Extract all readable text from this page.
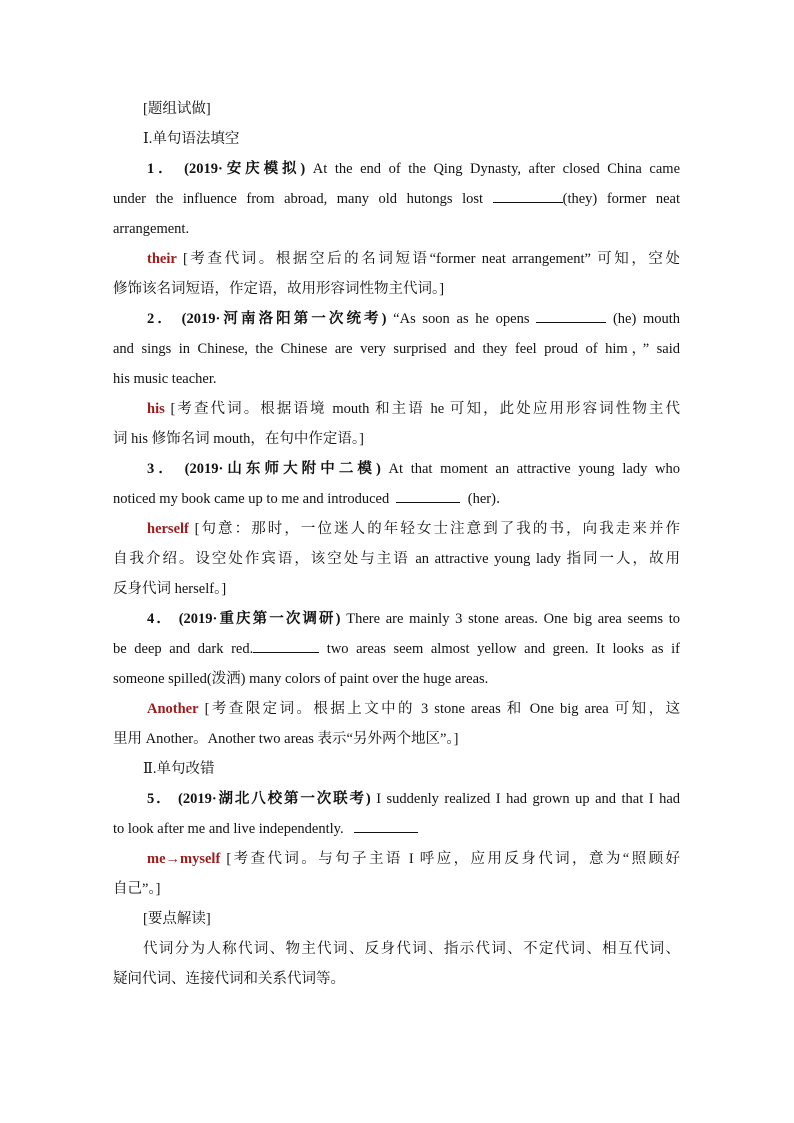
[题组试做]
Ⅰ.单句语法填空
1． (2019·安庆模拟) At the end of the Qing Dynasty, after closed China came
under the influence from abroad, many old hutongs lost	(they) former neat
arrangement.
their [考查代词。根据空后的名词短语“former neat arrangement” 可知，空处
修饰该名词短语，作定语，故用形容词性物主代词。]
2． (2019·河南洛阳第一次统考) “As soon as he opens	(he) mouth
and sings in Chinese, the Chinese are very surprised and they feel proud of him，” said
his music teacher.
his [考查代词。根据语境 mouth 和主语 he 可知，此处应用形容词性物主代
词 his 修饰名词 mouth，在句中作定语。]
3． (2019·山东师大附中二模) At that moment an attractive young lady who
noticed my book came up to me and introduced	(her)．
herself [句意：那时，一位迷人的年轻女士注意到了我的书，向我走来并作
自我介绍。设空处作宾语，该空处与主语 an attractive young lady 指同一人，故用
反身代词 herself。]
4． (2019·重庆第一次调研) There are mainly 3 stone areas. One big area seems to
be deep and dark red.	two areas seem almost yellow and green. It looks as if
someone spilled(泼洒) many colors of paint over the huge areas.
Another [考查限定词。根据上文中的 3 stone areas 和 One big area 可知，这
里用 Another。Another two areas 表示“另外两个地区”。]
Ⅱ.单句改错
5． (2019·湖北八校第一次联考) I suddenly realized I had grown up and that I had
to look after me and live independently.
me→myself [考查代词。与句子主语 I 呼应，应用反身代词，意为“照顾好
自己”。]
[要点解读]
代词分为人称代词、物主代词、反身代词、指示代词、不定代词、相互代词、
疑问代词、连接代词和关系代词等。
